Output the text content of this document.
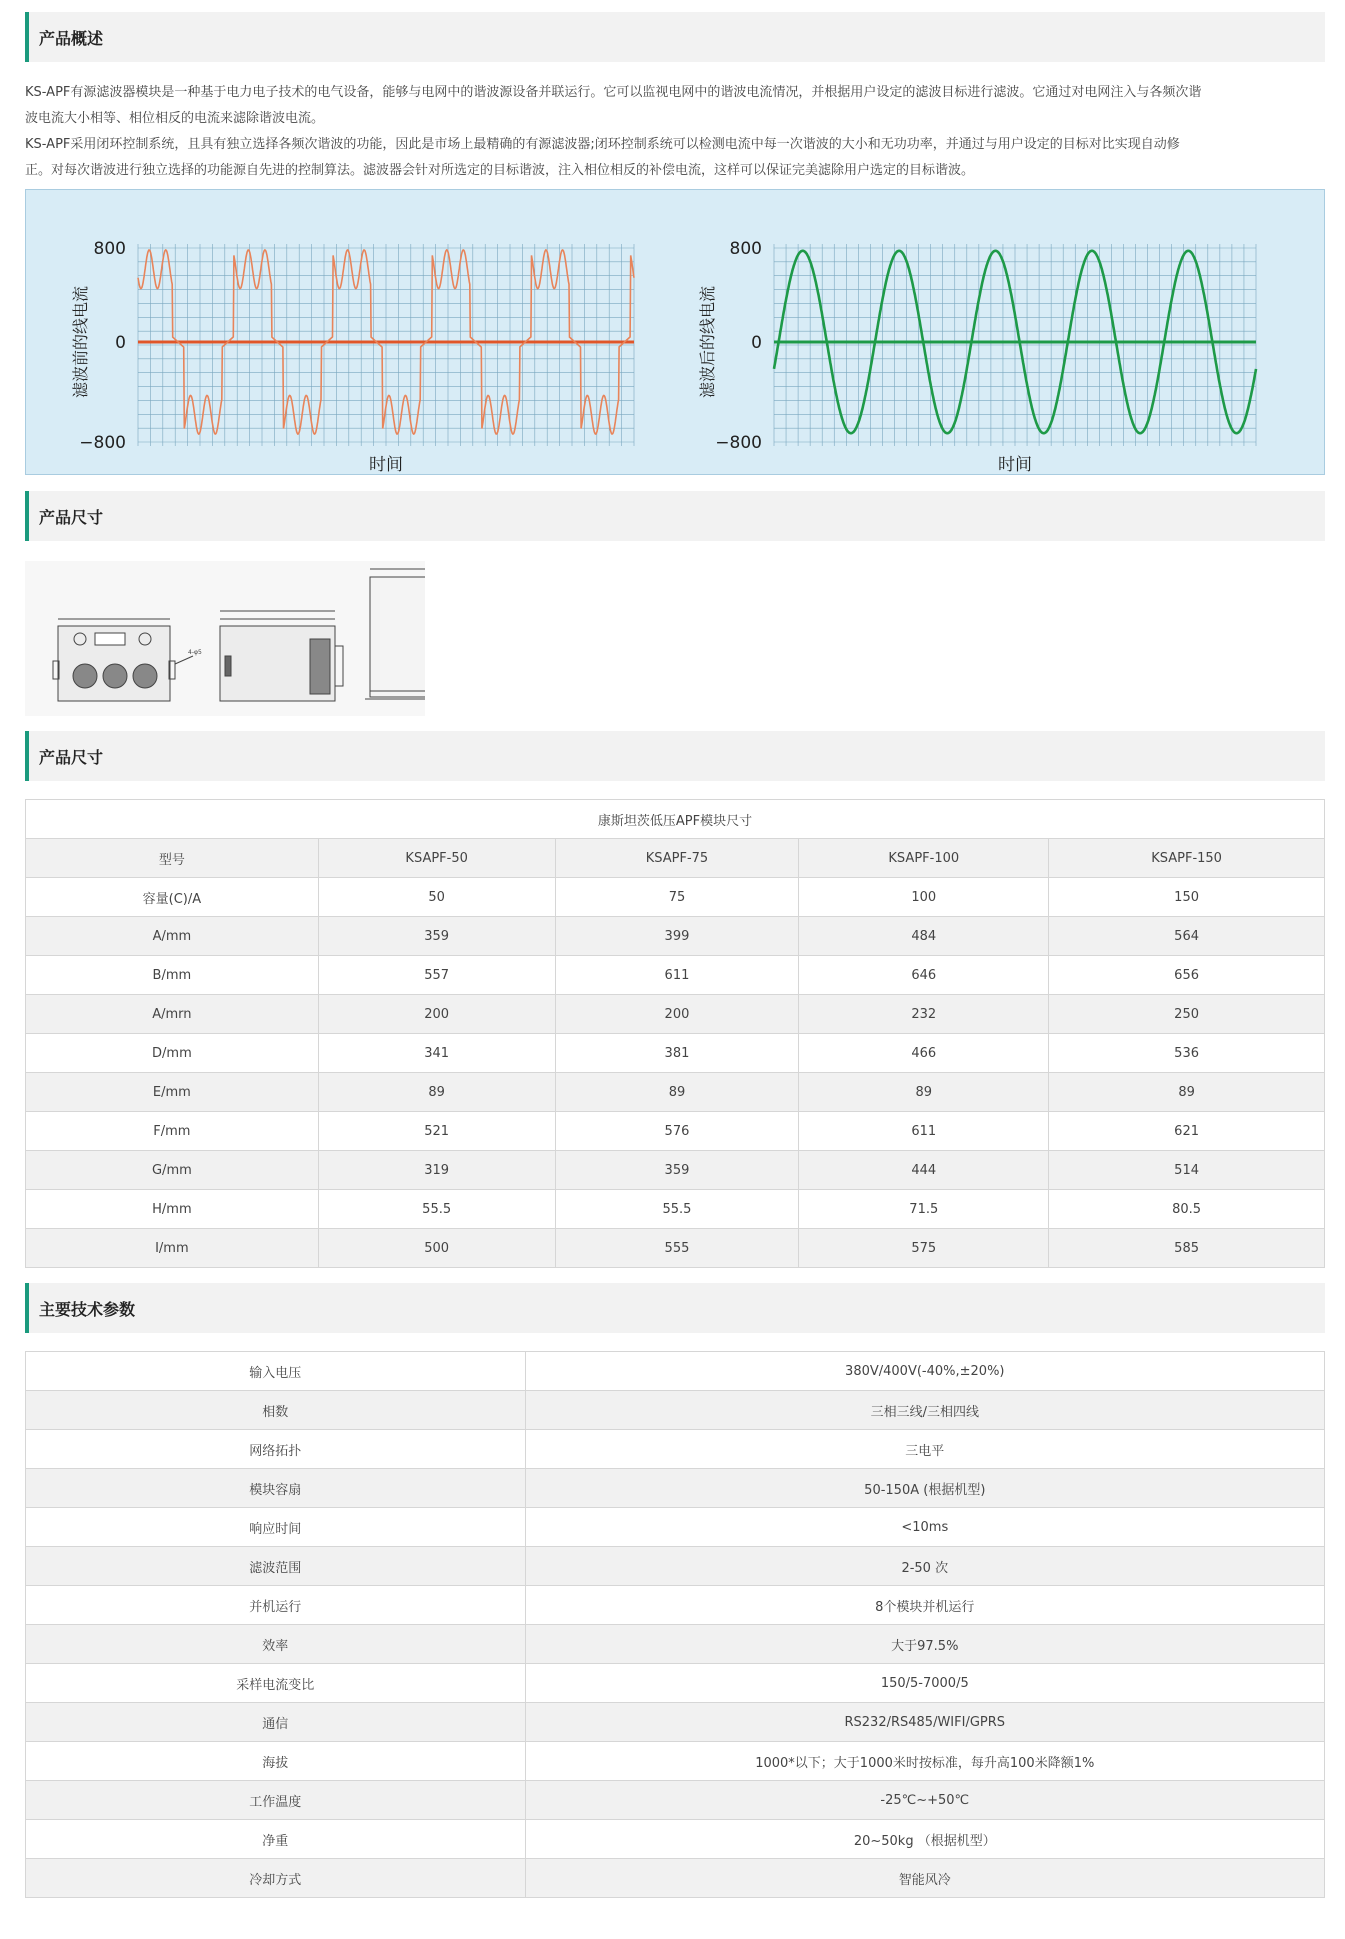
产品概述
KS-APF有源滤波器模块是一种基于电力电子技术的电气设备，能够与电网中的谐波源设备并联运行。它可以监视电网中的谐波电流情况，并根据用户设定的滤波目标进行滤波。它通过对电网注入与各频次谐
波电流大小相等、相位相反的电流来滤除谐波电流。
KS-APF采用闭环控制系统，且具有独立选择各频次谐波的功能，因此是市场上最精确的有源滤波器;闭环控制系统可以检测电流中每一次谐波的大小和无功功率，并通过与用户设定的目标对比实现自动修
正。对每次谐波进行独立选择的功能源自先进的控制算法。滤波器会针对所选定的目标谐波，注入相位相反的补偿电流，这样可以保证完美滤除用户选定的目标谐波。
800
0
−800
时间
滤波前的线电流
800
0
−800
时间
滤波后的线电流
产品尺寸
4-φ5
产品尺寸
康斯坦茨低压APF模块尺寸				
型号	KSAPF-50	KSAPF-75	KSAPF-100	KSAPF-150
容量(C)/A	50	75	100	150
A/mm	359	399	484	564
B/mm	557	611	646	656
A/mrn	200	200	232	250
D/mm	341	381	466	536
E/mm	89	89	89	89
F/mm	521	576	611	621
G/mm	319	359	444	514
H/mm	55.5	55.5	71.5	80.5
I/mm	500	555	575	585
主要技术参数
输入电压	380V/400V(-40%,±20%)
相数	三相三线/三相四线
网络拓扑	三电平
模块容扇	50-150A (根据机型)
响应时间	<10ms
滤波范围	2-50 次
并机运行	8个模块并机运行
效率	大于97.5%
采样电流变比	150/5-7000/5
通信	RS232/RS485/WIFI/GPRS
海拔	1000*以下；大于1000米时按标准，每升高100米降额1%
工作温度	-25℃~+50℃
净重	20~50kg （根据机型）
冷却方式	智能风冷
